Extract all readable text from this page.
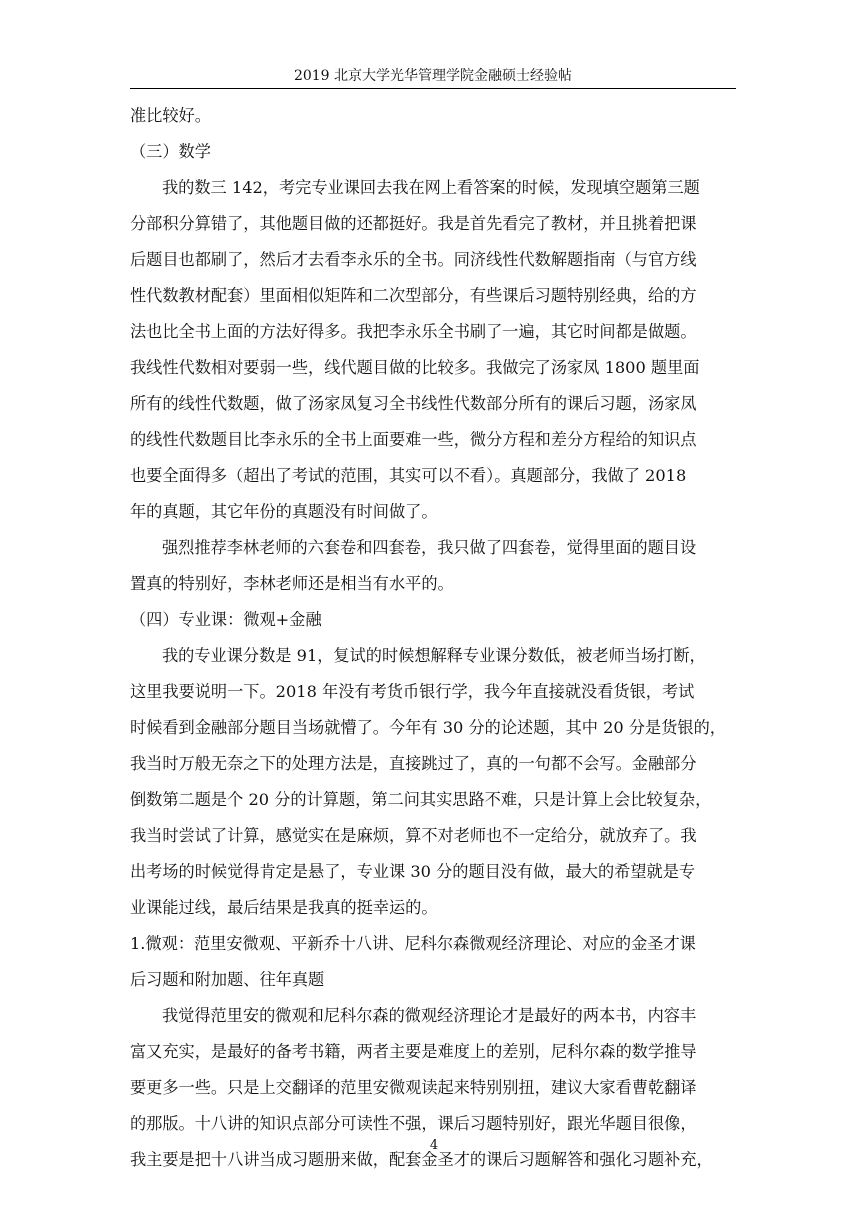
2019 北京大学光华管理学院金融硕士经验帖
准比较好。
（三）数学
我的数三 142，考完专业课回去我在网上看答案的时候，发现填空题第三题
分部积分算错了，其他题目做的还都挺好。我是首先看完了教材，并且挑着把课
后题目也都刷了，然后才去看李永乐的全书。同济线性代数解题指南（与官方线
性代数教材配套）里面相似矩阵和二次型部分，有些课后习题特别经典，给的方
法也比全书上面的方法好得多。我把李永乐全书刷了一遍，其它时间都是做题。
我线性代数相对要弱一些，线代题目做的比较多。我做完了汤家凤 1800 题里面
所有的线性代数题，做了汤家凤复习全书线性代数部分所有的课后习题，汤家凤
的线性代数题目比李永乐的全书上面要难一些，微分方程和差分方程给的知识点
也要全面得多（超出了考试的范围，其实可以不看）。真题部分，我做了 2018
年的真题，其它年份的真题没有时间做了。
强烈推荐李林老师的六套卷和四套卷，我只做了四套卷，觉得里面的题目设
置真的特别好，李林老师还是相当有水平的。
（四）专业课：微观+金融
我的专业课分数是 91，复试的时候想解释专业课分数低，被老师当场打断，
这里我要说明一下。2018 年没有考货币银行学，我今年直接就没看货银，考试
时候看到金融部分题目当场就懵了。今年有 30 分的论述题，其中 20 分是货银的，
我当时万般无奈之下的处理方法是，直接跳过了，真的一句都不会写。金融部分
倒数第二题是个 20 分的计算题，第二问其实思路不难，只是计算上会比较复杂，
我当时尝试了计算，感觉实在是麻烦，算不对老师也不一定给分，就放弃了。我
出考场的时候觉得肯定是悬了，专业课 30 分的题目没有做，最大的希望就是专
业课能过线，最后结果是我真的挺幸运的。
1.微观：范里安微观、平新乔十八讲、尼科尔森微观经济理论、对应的金圣才课
后习题和附加题、往年真题
我觉得范里安的微观和尼科尔森的微观经济理论才是最好的两本书，内容丰
富又充实，是最好的备考书籍，两者主要是难度上的差别，尼科尔森的数学推导
要更多一些。只是上交翻译的范里安微观读起来特别别扭，建议大家看曹乾翻译
的那版。十八讲的知识点部分可读性不强，课后习题特别好，跟光华题目很像，
我主要是把十八讲当成习题册来做，配套金圣才的课后习题解答和强化习题补充，
4
